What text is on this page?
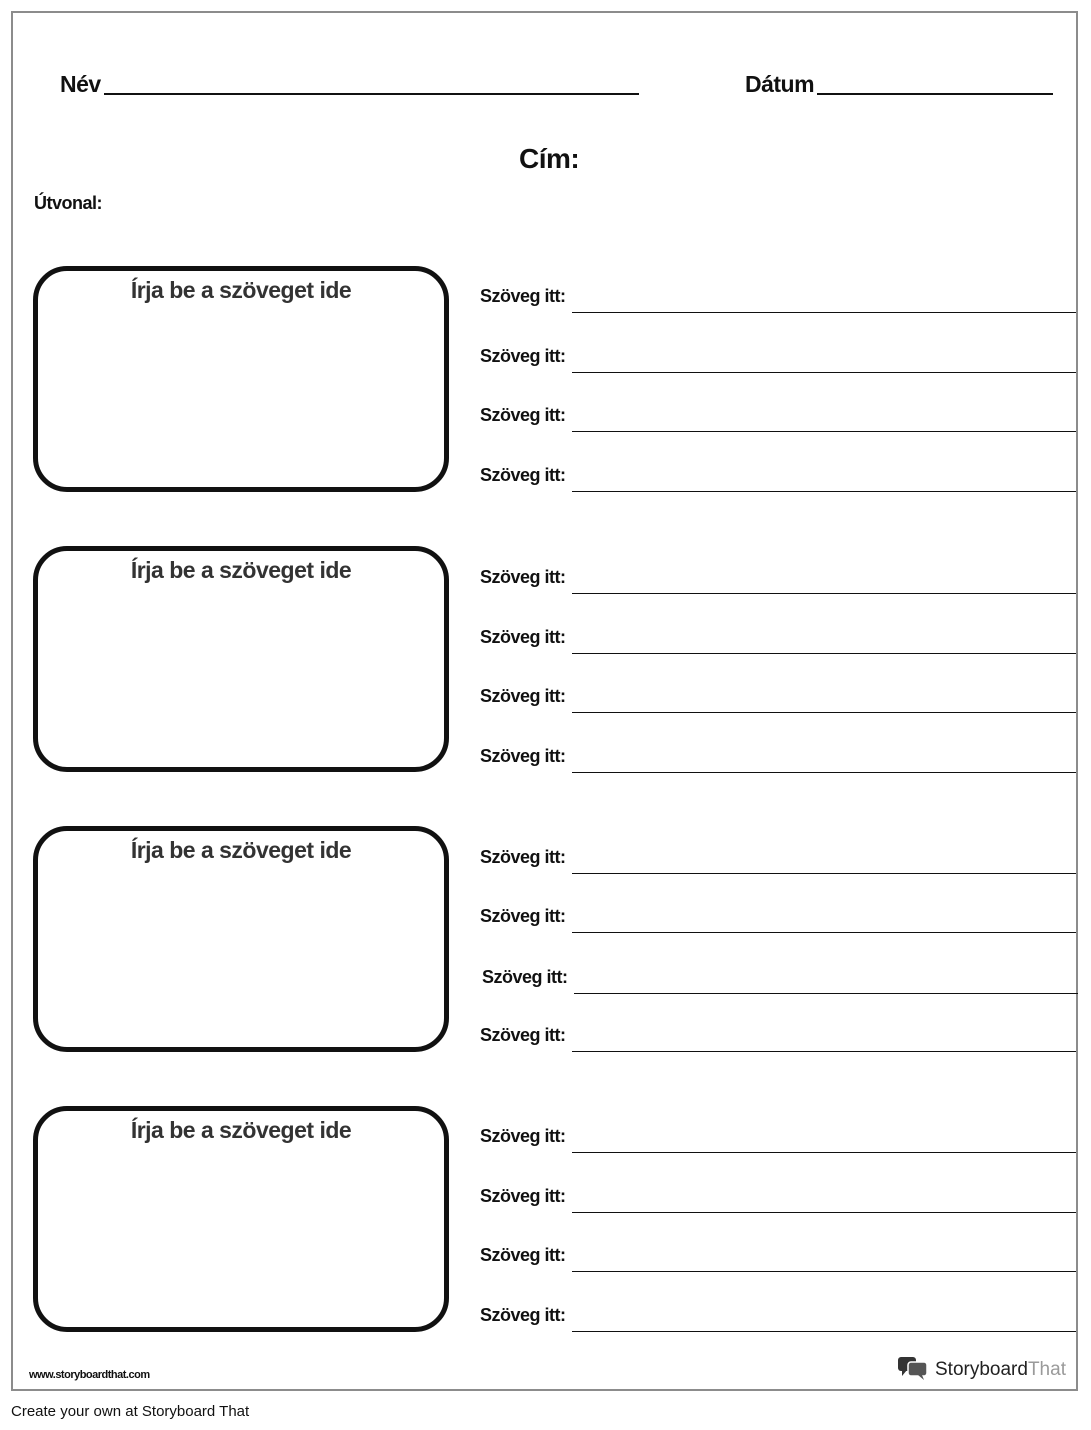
Név	Dátum
Cím:
Útvonal:
Írja be a szöveget ide
Írja be a szöveget ide
Írja be a szöveget ide
Írja be a szöveget ide
Szöveg itt:
Szöveg itt:
Szöveg itt:
Szöveg itt:
Szöveg itt:
Szöveg itt:
Szöveg itt:
Szöveg itt:
Szöveg itt:
Szöveg itt:
Szöveg itt:
Szöveg itt:
Szöveg itt:
Szöveg itt:
Szöveg itt:
Szöveg itt:
www.storyboardthat.com	StoryboardThat
Create your own at Storyboard That
